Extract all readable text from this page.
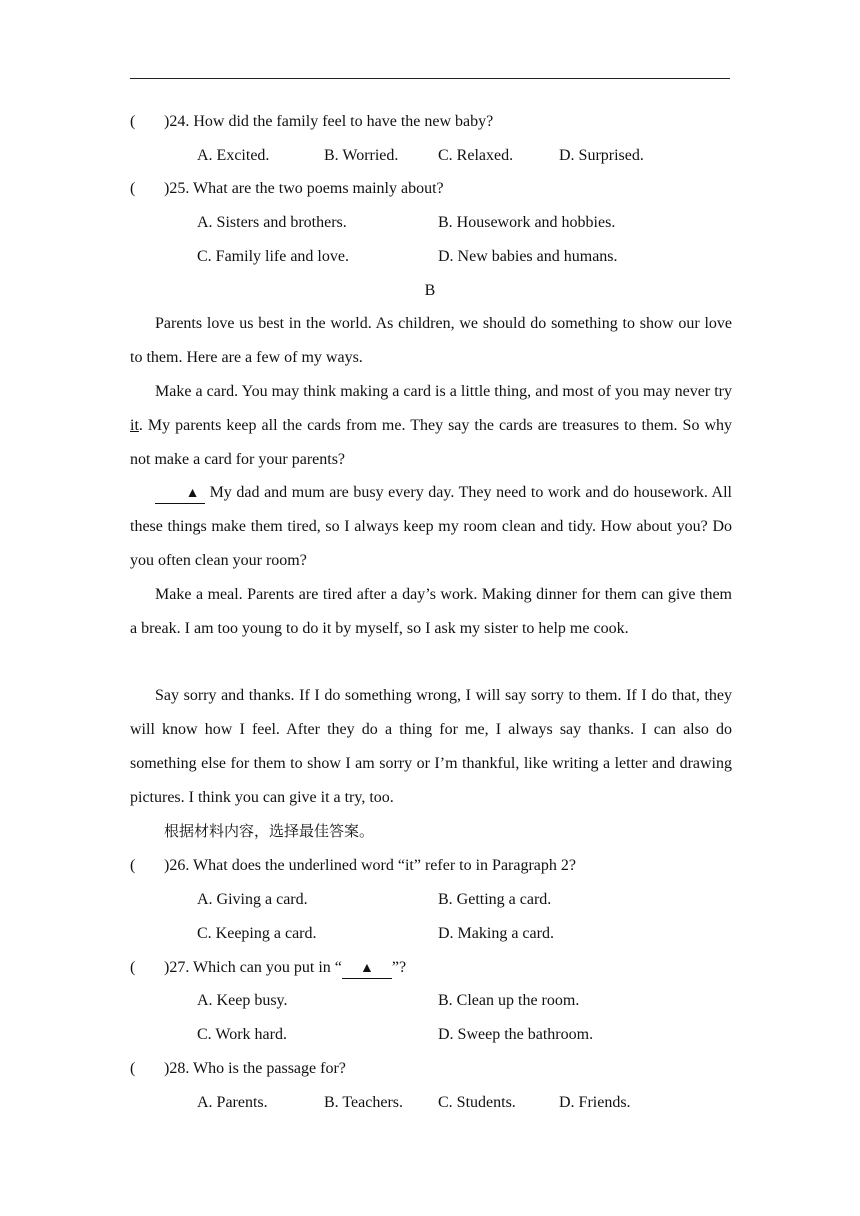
( )24. How did the family feel to have the new baby?
A. Excited.	B. Worried. C. Relaxed.	D. Surprised.
( )25. What are the two poems mainly about?
A. Sisters and brothers.	B. Housework and hobbies.
C. Family life and love.	D. New babies and humans.
B
Parents love us best in the world. As children, we should do something to show our love to them. Here are a few of my ways.
Make a card. You may think making a card is a little thing, and most of you may never try it. My parents keep all the cards from me. They say the cards are treasures to them. So why not make a card for your parents?
▲ My dad and mum are busy every day. They need to work and do housework. All these things make them tired, so I always keep my room clean and tidy. How about you? Do you often clean your room?
Make a meal. Parents are tired after a day’s work. Making dinner for them can give them a break. I am too young to do it by myself, so I ask my sister to help me cook.
Say sorry and thanks. If I do something wrong, I will say sorry to them. If I do that, they will know how I feel. After they do a thing for me, I always say thanks. I can also do something else for them to show I am sorry or I’m thankful, like writing a letter and drawing pictures. I think you can give it a try, too.
根据材料内容，选择最佳答案。
( )26. What does the underlined word “it” refer to in Paragraph 2?
A. Giving a card.	B. Getting a card.
C. Keeping a card.	D. Making a card.
( )27. Which can you put in “ ▲ ”?
A. Keep busy.	B. Clean up the room.
C. Work hard.	D. Sweep the bathroom.
( )28. Who is the passage for?
A. Parents.	B. Teachers. C. Students.	D. Friends.
